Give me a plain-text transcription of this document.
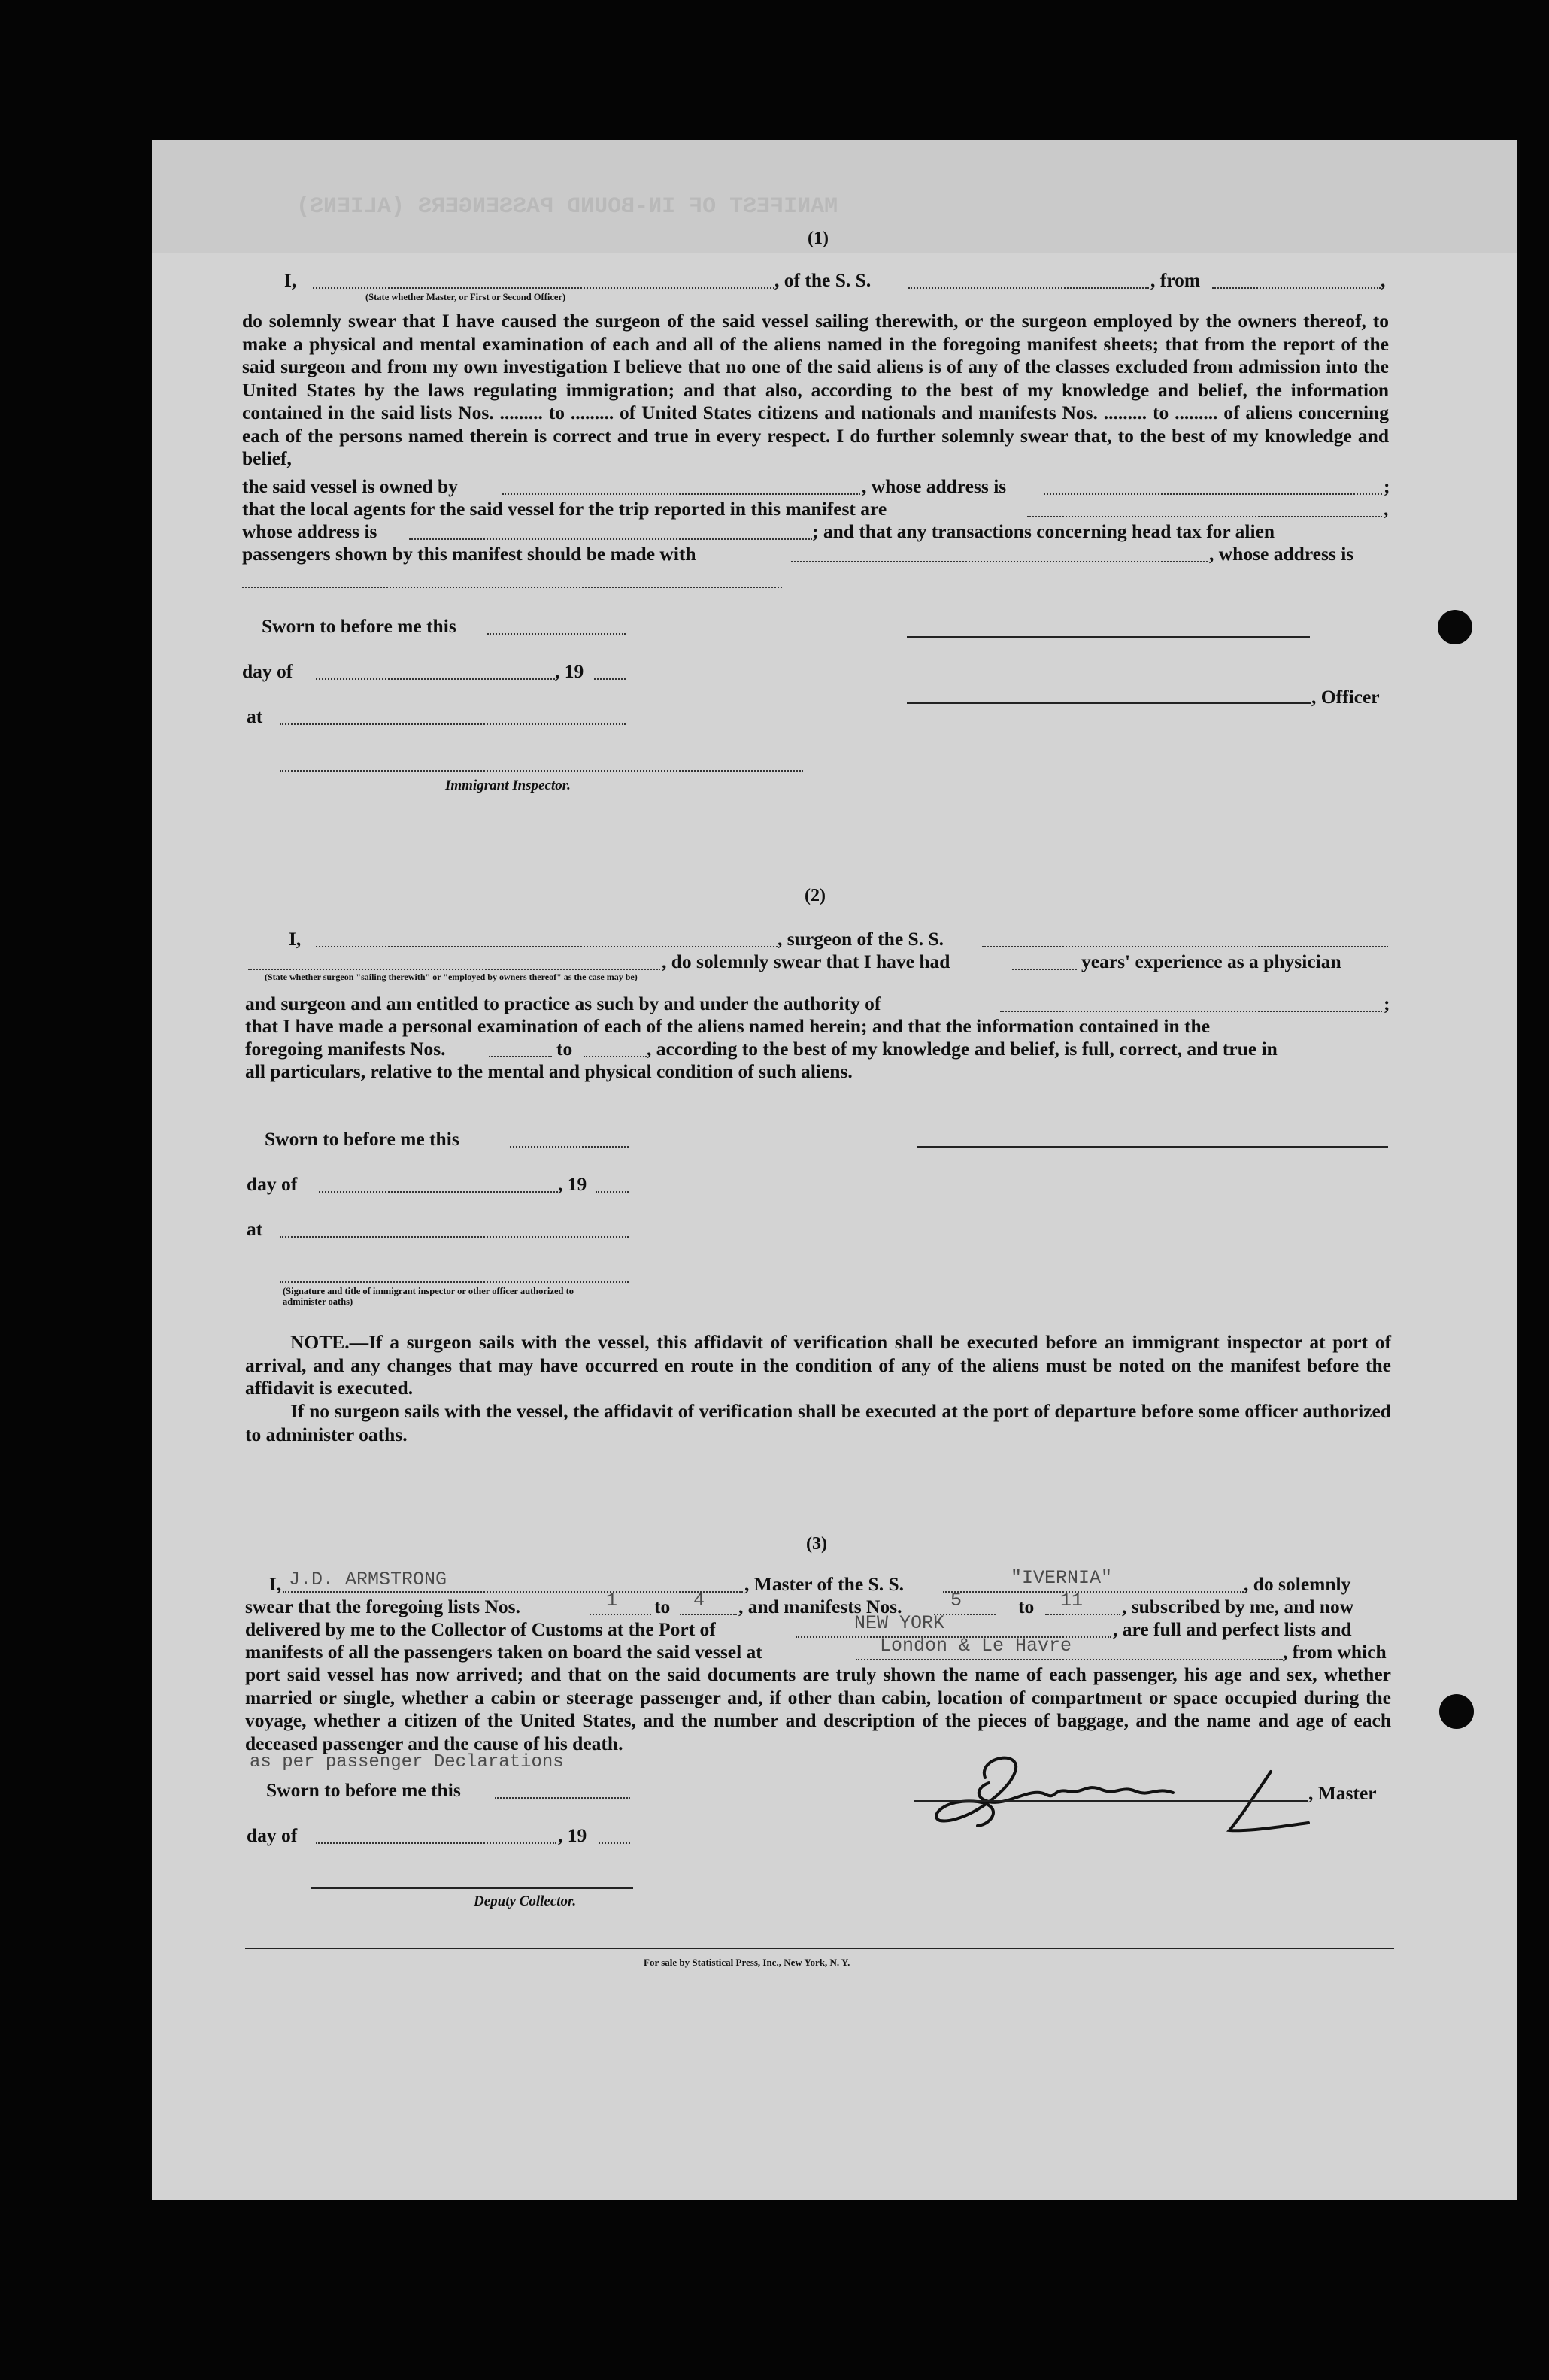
MANIFEST OF IN-BOUND PASSENGERS (ALIENS)
(1)
I,
(State whether Master, or First or Second Officer)
, of the S. S.	, from	,
do solemnly swear that I have caused the surgeon of the said vessel sailing therewith, or the surgeon employed by the owners thereof, to make a physical and mental examination of each and all of the aliens named in the foregoing manifest sheets; that from the report of the said surgeon and from my own investigation I believe that no one of the said aliens is of any of the classes excluded from admission into the United States by the laws regulating immigration; and that also, according to the best of my knowledge and belief, the information contained in the said lists Nos. ......... to ......... of United States citizens and nationals and manifests Nos. ......... to ......... of aliens concerning each of the persons named therein is correct and true in every respect. I do further solemnly swear that, to the best of my knowledge and belief,
the said vessel is owned by	, whose address is	;
that the local agents for the said vessel for the trip reported in this manifest are	,
whose address is	; and that any transactions concerning head tax for alien
passengers shown by this manifest should be made with	, whose address is
Sworn to before me this
day of	, 19
at
, Officer
Immigrant Inspector.
(2)
I,	, surgeon of the S. S.
, do solemnly swear that I have had	years' experience as a physician
(State whether surgeon "sailing therewith" or "employed by owners thereof" as the case may be)
and surgeon and am entitled to practice as such by and under the authority of	;
that I have made a personal examination of each of the aliens named herein; and that the information contained in the
foregoing manifests Nos.	to	, according to the best of my knowledge and belief, is full, correct, and true in
all particulars, relative to the mental and physical condition of such aliens.
Sworn to before me this
day of	, 19
at
(Signature and title of immigrant inspector or other officer authorized to administer oaths)
NOTE.—If a surgeon sails with the vessel, this affidavit of verification shall be executed before an immigrant inspector at port of arrival, and any changes that may have occurred en route in the condition of any of the aliens must be noted on the manifest before the affidavit is executed.
If no surgeon sails with the vessel, the affidavit of verification shall be executed at the port of departure before some officer authorized to administer oaths.
(3)
I, J.D. ARMSTRONG	, Master of the S. S.	"IVERNIA"	, do solemnly
swear that the foregoing lists Nos.	1 to 4 , and manifests Nos.	5	to 11 , subscribed by me, and now
delivered by me to the Collector of Customs at the Port of	NEW YORK	, are full and perfect lists and
manifests of all the passengers taken on board the said vessel at	London & Le Havre	, from which
port said vessel has now arrived; and that on the said documents are truly shown the name of each passenger, his age and sex, whether married or single, whether a cabin or steerage passenger and, if other than cabin, location of compartment or space occupied during the voyage, whether a citizen of the United States, and the number and description of the pieces of baggage, and the name and age of each deceased passenger and the cause of his death.
as per passenger Declarations
Sworn to before me this	, Master
day of	, 19
Deputy Collector.
For sale by Statistical Press, Inc., New York, N. Y.
